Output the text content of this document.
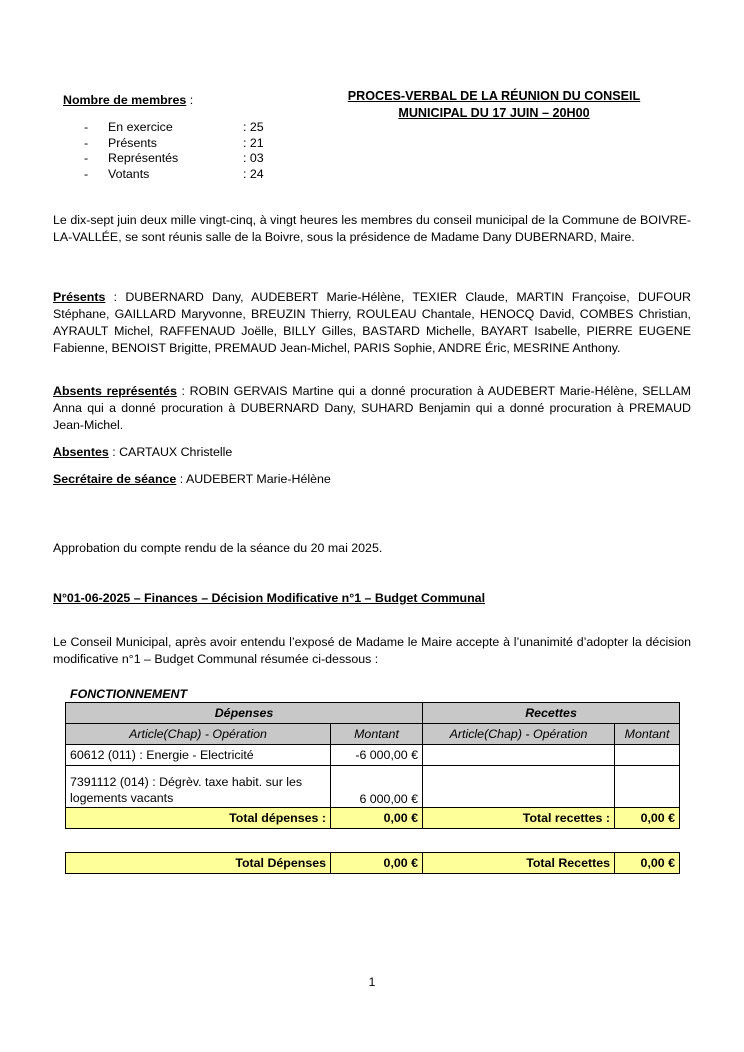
PROCES-VERBAL DE LA RÉUNION DU CONSEIL
MUNICIPAL DU 17 JUIN – 20H00
Nombre de membres :
- En exercice	: 25
- Présents	: 21
- Représentés	: 03
- Votants	: 24
Le dix-sept juin deux mille vingt-cinq, à vingt heures les membres du conseil municipal de la Commune de BOIVRE-LA-VALLÉE, se sont réunis salle de la Boivre, sous la présidence de Madame Dany DUBERNARD, Maire.
Présents : DUBERNARD Dany, AUDEBERT Marie-Hélène, TEXIER Claude, MARTIN Françoise, DUFOUR Stéphane, GAILLARD Maryvonne, BREUZIN Thierry, ROULEAU Chantale, HENOCQ David, COMBES Christian, AYRAULT Michel, RAFFENAUD Joëlle, BILLY Gilles, BASTARD Michelle, BAYART Isabelle, PIERRE EUGENE Fabienne, BENOIST Brigitte, PREMAUD Jean-Michel, PARIS Sophie, ANDRE Éric, MESRINE Anthony.
Absents représentés : ROBIN GERVAIS Martine qui a donné procuration à AUDEBERT Marie-Hélène, SELLAM Anna qui a donné procuration à DUBERNARD Dany, SUHARD Benjamin qui a donné procuration à PREMAUD Jean-Michel.
Absentes : CARTAUX Christelle
Secrétaire de séance : AUDEBERT Marie-Hélène
Approbation du compte rendu de la séance du 20 mai 2025.
N°01-06-2025 – Finances – Décision Modificative n°1 – Budget Communal
Le Conseil Municipal, après avoir entendu l’exposé de Madame le Maire accepte à l’unanimité d’adopter la décision modificative n°1 – Budget Communal résumée ci-dessous :
FONCTIONNEMENT
Dépenses		Recettes	
Article(Chap) - Opération	Montant	Article(Chap) - Opération	Montant
60612 (011) : Energie - Electricité	-6 000,00 €		
7391112 (014) : Dégrèv. taxe habit. sur les logements vacants	6 000,00 €		
Total dépenses :	0,00 €	Total recettes :	0,00 €
Total Dépenses	0,00 €	Total Recettes	0,00 €
1
